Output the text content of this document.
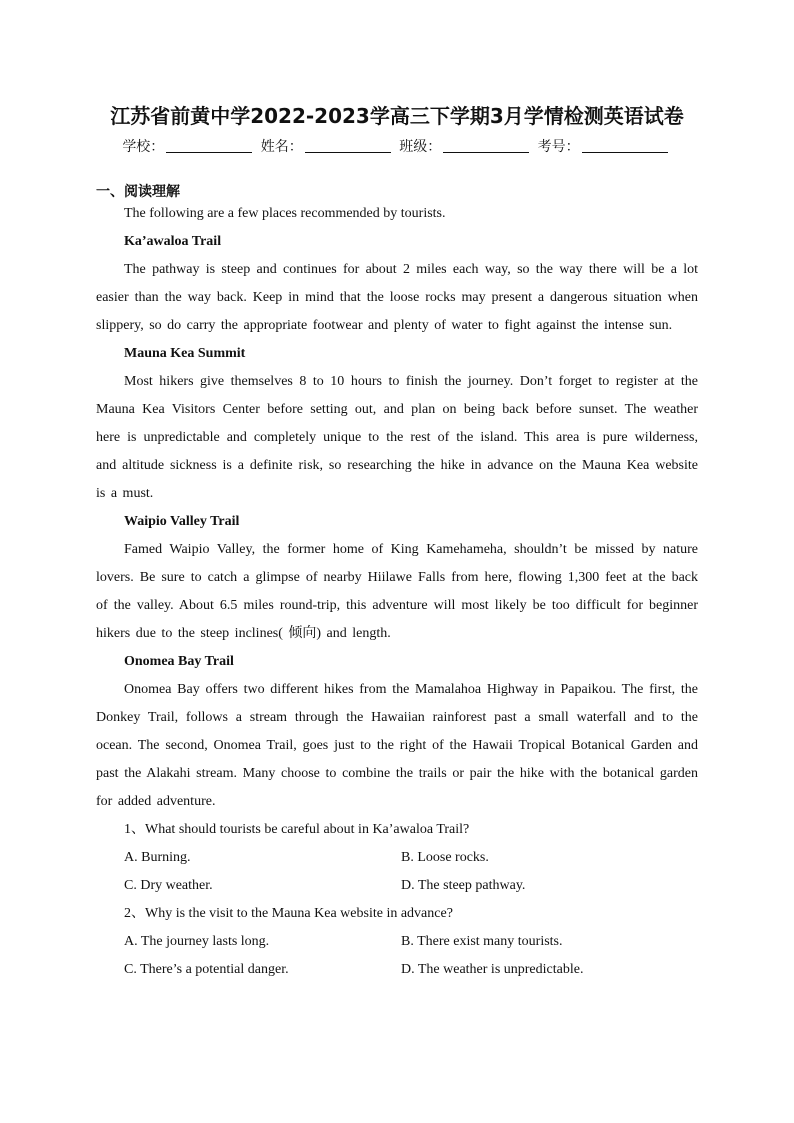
江苏省前黄中学2022-2023学高三下学期3月学情检测英语试卷
学校：	姓名：	班级：	考号：
一、阅读理解
The following are a few places recommended by tourists.
Ka’awaloa Trail
The pathway is steep and continues for about 2 miles each way, so the way there will be a lot easier than the way back. Keep in mind that the loose rocks may present a dangerous situation when slippery, so do carry the appropriate footwear and plenty of water to fight against the intense sun.
Mauna Kea Summit
Most hikers give themselves 8 to 10 hours to finish the journey. Don’t forget to register at the Mauna Kea Visitors Center before setting out, and plan on being back before sunset. The weather here is unpredictable and completely unique to the rest of the island. This area is pure wilderness, and altitude sickness is a definite risk, so researching the hike in advance on the Mauna Kea website is a must.
Waipio Valley Trail
Famed Waipio Valley, the former home of King Kamehameha, shouldn’t be missed by nature lovers. Be sure to catch a glimpse of nearby Hiilawe Falls from here, flowing 1,300 feet at the back of the valley. About 6.5 miles round-trip, this adventure will most likely be too difficult for beginner hikers due to the steep inclines( 倾向) and length.
Onomea Bay Trail
Onomea Bay offers two different hikes from the Mamalahoa Highway in Papaikou. The first, the Donkey Trail, follows a stream through the Hawaiian rainforest past a small waterfall and to the ocean. The second, Onomea Trail, goes just to the right of the Hawaii Tropical Botanical Garden and past the Alakahi stream. Many choose to combine the trails or pair the hike with the botanical garden for added adventure.
1、What should tourists be careful about in Ka’awaloa Trail?
A. Burning.	B. Loose rocks.
C. Dry weather.	D. The steep pathway.
2、Why is the visit to the Mauna Kea website in advance?
A. The journey lasts long.	B. There exist many tourists.
C. There’s a potential danger.	D. The weather is unpredictable.
